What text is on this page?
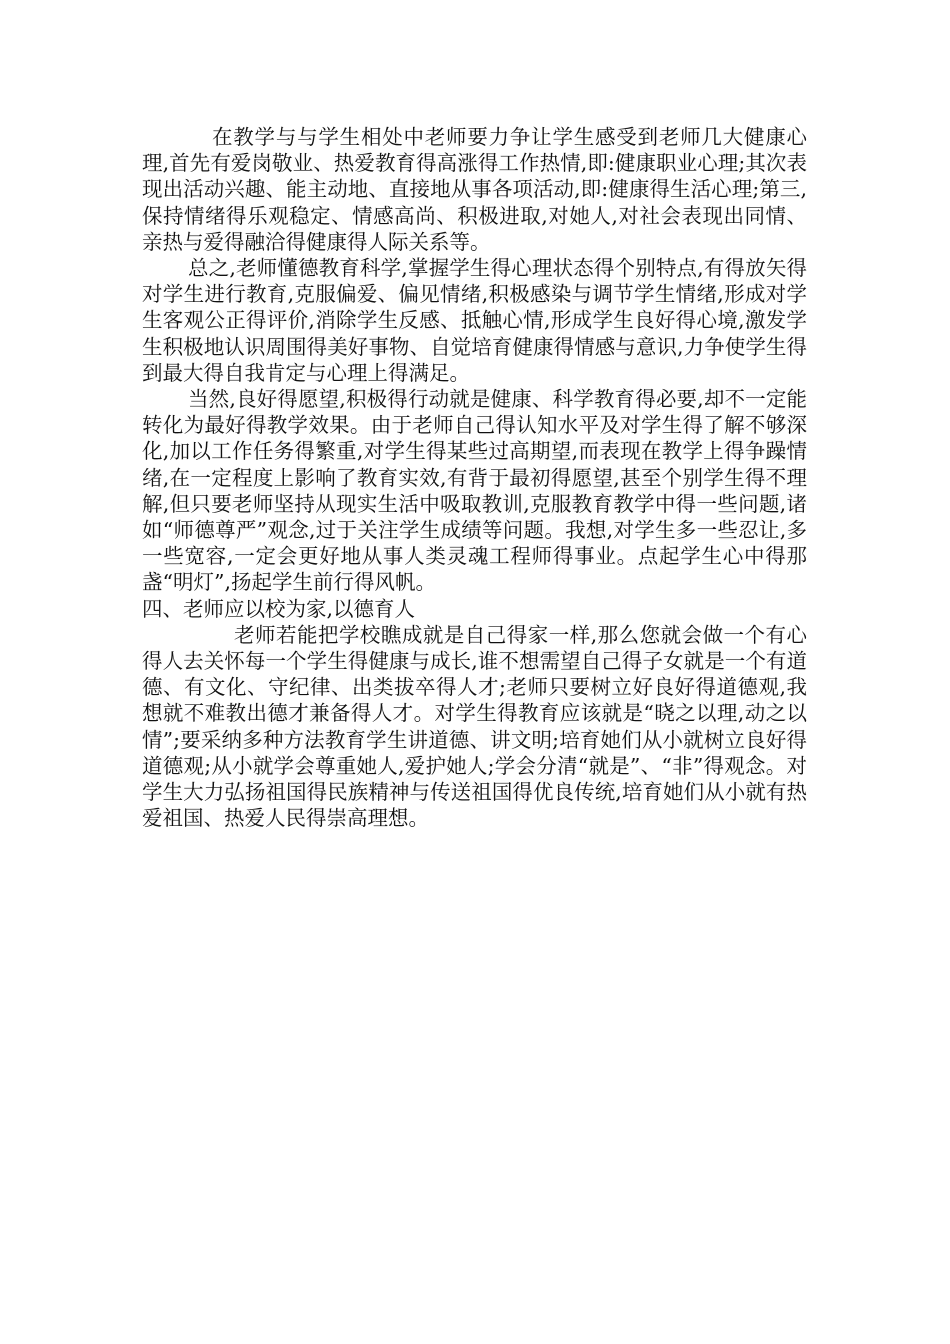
在教学与与学生相处中老师要力争让学生感受到老师几大健康心理,首先有爱岗敬业、热爱教育得高涨得工作热情,即:健康职业心理;其次表现出活动兴趣、能主动地、直接地从事各项活动,即:健康得生活心理;第三,保持情绪得乐观稳定、情感高尚、积极进取,对她人,对社会表现出同情、亲热与爱得融洽得健康得人际关系等。

总之,老师懂德教育科学,掌握学生得心理状态得个别特点,有得放矢得对学生进行教育,克服偏爱、偏见情绪,积极感染与调节学生情绪,形成对学生客观公正得评价,消除学生反感、抵触心情,形成学生良好得心境,激发学生积极地认识周围得美好事物、自觉培育健康得情感与意识,力争使学生得到最大得自我肯定与心理上得满足。

当然,良好得愿望,积极得行动就是健康、科学教育得必要,却不一定能转化为最好得教学效果。由于老师自己得认知水平及对学生得了解不够深化,加以工作任务得繁重,对学生得某些过高期望,而表现在教学上得争躁情绪,在一定程度上影响了教育实效,有背于最初得愿望,甚至个别学生得不理解,但只要老师坚持从现实生活中吸取教训,克服教育教学中得一些问题,诸如“师德尊严”观念,过于关注学生成绩等问题。我想,对学生多一些忍让,多一些宽容,一定会更好地从事人类灵魂工程师得事业。点起学生心中得那盏“明灯”,扬起学生前行得风帆。

四、老师应以校为家,以德育人

老师若能把学校瞧成就是自己得家一样,那么您就会做一个有心得人去关怀每一个学生得健康与成长,谁不想需望自己得子女就是一个有道德、有文化、守纪律、出类拔卒得人才;老师只要树立好良好得道德观,我想就不难教出德才兼备得人才。对学生得教育应该就是“晓之以理,动之以情”;要采纳多种方法教育学生讲道德、讲文明;培育她们从小就树立良好得道德观;从小就学会尊重她人,爱护她人;学会分清“就是”、“非”得观念。对学生大力弘扬祖国得民族精神与传送祖国得优良传统,培育她们从小就有热爱祖国、热爱人民得崇高理想。
